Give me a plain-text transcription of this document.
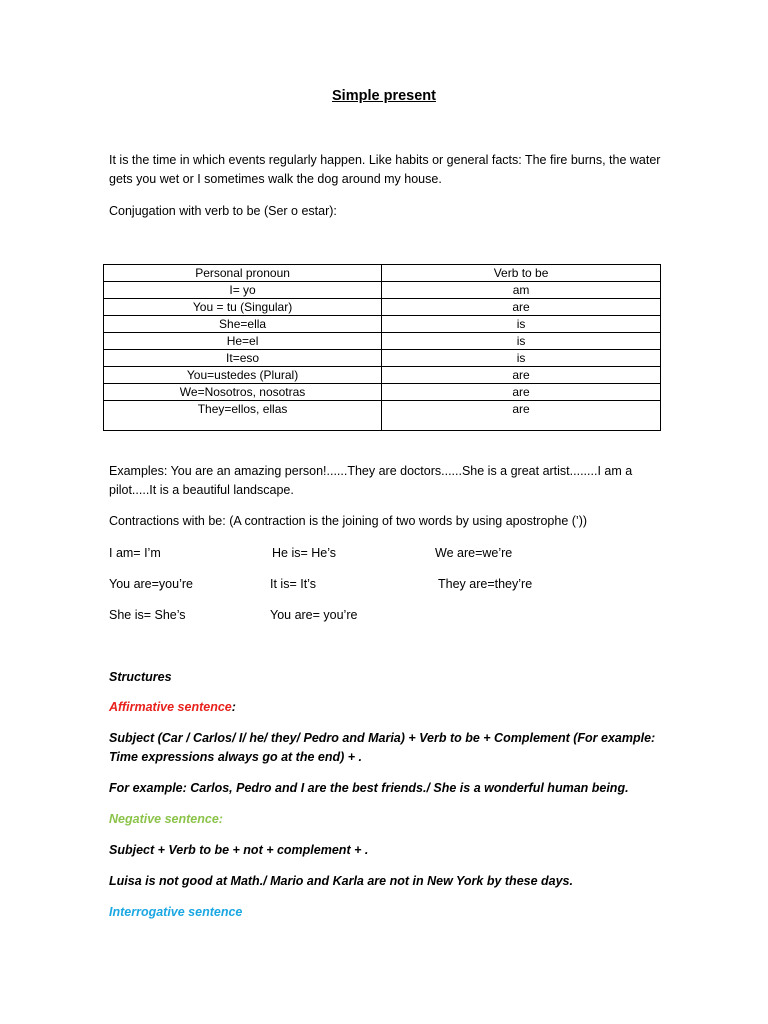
Simple present

It is the time in which events regularly happen. Like habits or general facts: The fire burns, the water gets you wet or I sometimes walk the dog around my house.

Conjugation with verb to be (Ser o estar):

Personal pronoun	Verb to be
I= yo	am
You = tu (Singular)	are
She=ella	is
He=el	is
It=eso	is
You=ustedes (Plural)	are
We=Nosotros, nosotras	are
They=ellos, ellas	are

Examples: You are an amazing person!......They are doctors......She is a great artist........I am a pilot.....It is a beautiful landscape.

Contractions with be: (A contraction is the joining of two words by using apostrophe (’))

I am= I’m	He is= He’s	We are=we’re
You are=you’re	It is= It’s	They are=they’re
She is= She’s	You are= you’re

Structures

Affirmative sentence:

Subject (Car / Carlos/ I/ he/ they/ Pedro and Maria) + Verb to be + Complement (For example: Time expressions always go at the end) + .

For example: Carlos, Pedro and I are the best friends./ She is a wonderful human being.

Negative sentence:

Subject + Verb to be + not + complement + .

Luisa is not good at Math./ Mario and Karla are not in New York by these days.

Interrogative sentence
